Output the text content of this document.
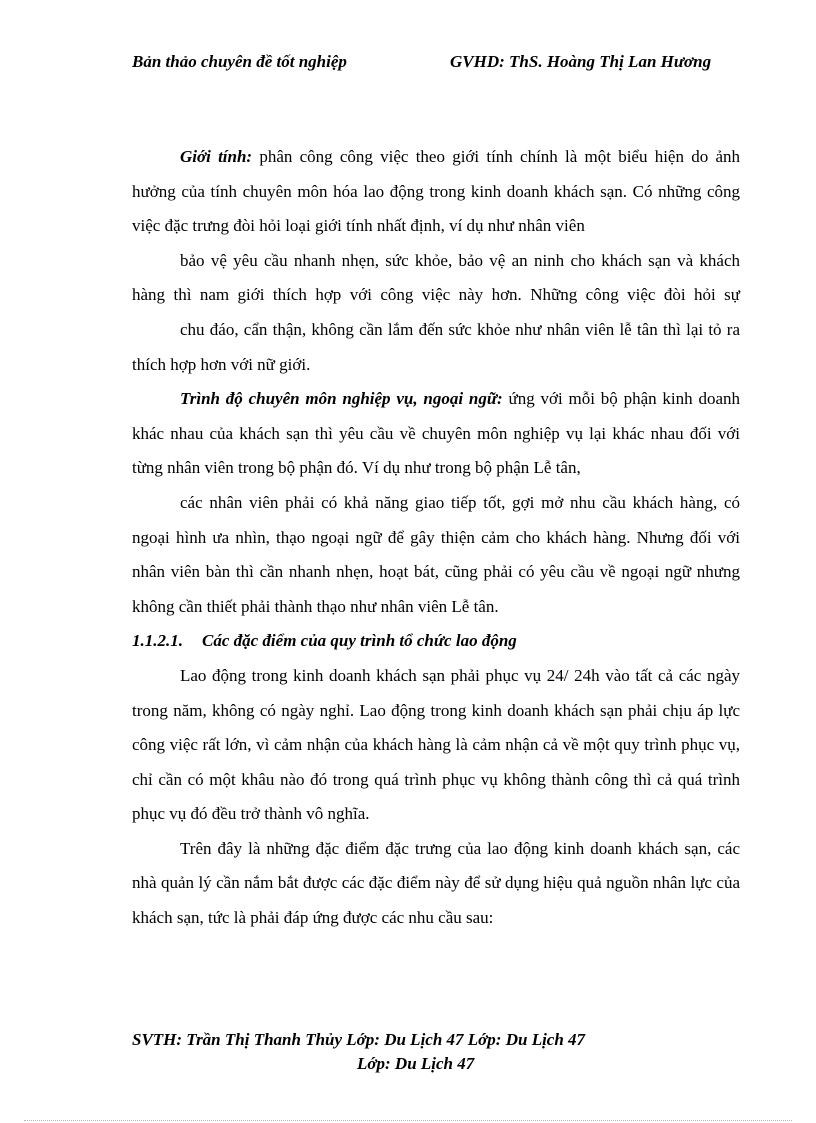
Bản thảo chuyên đề tốt nghiệp	GVHD: ThS. Hoàng Thị Lan Hương

Giới tính: phân công công việc theo giới tính chính là một biểu hiện do ảnh hưởng của tính chuyên môn hóa lao động trong kinh doanh khách sạn. Có những công việc đặc trưng đòi hỏi loại giới tính nhất định, ví dụ như nhân viên

bảo vệ yêu cầu nhanh nhẹn, sức khỏe, bảo vệ an ninh cho khách sạn và khách hàng thì nam giới thích hợp với công việc này hơn. Những công việc đòi hỏi sự

chu đáo, cẩn thận, không cần lắm đến sức khỏe như nhân viên lễ tân thì lại tỏ ra thích hợp hơn với nữ giới.

Trình độ chuyên môn nghiệp vụ, ngoại ngữ: ứng với mỗi bộ phận kinh doanh khác nhau của khách sạn thì yêu cầu về chuyên môn nghiệp vụ lại khác nhau đối với từng nhân viên trong bộ phận đó. Ví dụ như trong bộ phận Lễ tân,

các nhân viên phải có khả năng giao tiếp tốt, gợi mở nhu cầu khách hàng, có ngoại hình ưa nhìn, thạo ngoại ngữ để gây thiện cảm cho khách hàng. Nhưng đối với nhân viên bàn thì cần nhanh nhẹn, hoạt bát, cũng phải có yêu cầu về ngoại ngữ nhưng không cần thiết phải thành thạo như nhân viên Lễ tân.

1.1.2.1. Các đặc điểm của quy trình tổ chức lao động

Lao động trong kinh doanh khách sạn phải phục vụ 24/ 24h vào tất cả các ngày trong năm, không có ngày nghỉ. Lao động trong kinh doanh khách sạn phải chịu áp lực công việc rất lớn, vì cảm nhận của khách hàng là cảm nhận cả về một quy trình phục vụ, chỉ cần có một khâu nào đó trong quá trình phục vụ không thành công thì cả quá trình phục vụ đó đều trở thành vô nghĩa.

Trên đây là những đặc điểm đặc trưng của lao động kinh doanh khách sạn, các nhà quản lý cần nắm bắt được các đặc điểm này để sử dụng hiệu quả nguồn nhân lực của khách sạn, tức là phải đáp ứng được các nhu cầu sau:

SVTH: Trần Thị Thanh Thủy Lớp: Du Lịch 47 Lớp: Du Lịch 47
Lớp: Du Lịch 47
